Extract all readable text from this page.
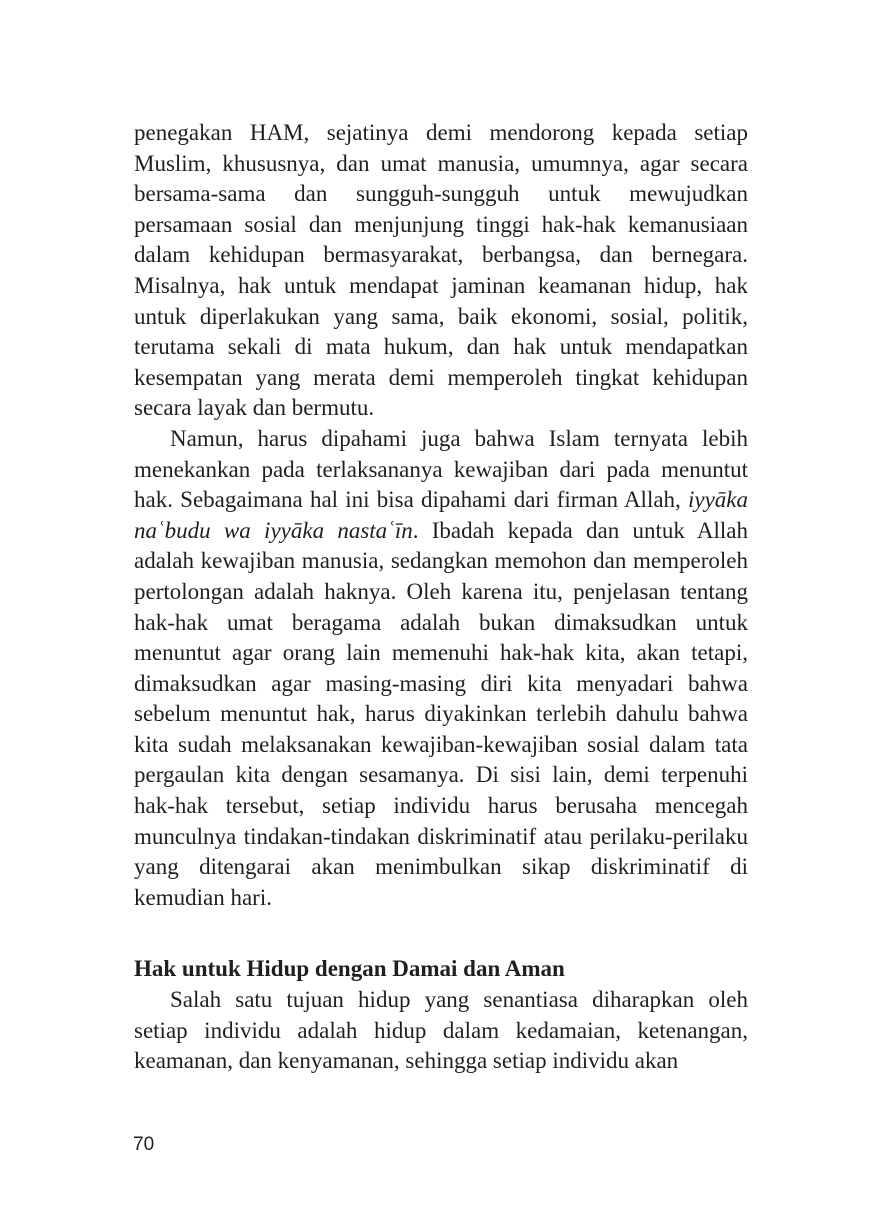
penegakan HAM, sejatinya demi mendorong kepada setiap Muslim, khususnya, dan umat manusia, umumnya, agar secara bersama-sama dan sungguh-sungguh untuk mewujudkan persamaan sosial dan menjunjung tinggi hak-hak kemanusiaan dalam kehidupan bermasyarakat, berbangsa, dan bernegara. Misalnya, hak untuk mendapat jaminan keamanan hidup, hak untuk diperlakukan yang sama, baik ekonomi, sosial, politik, terutama sekali di mata hukum, dan hak untuk mendapatkan kesempatan yang merata demi memperoleh tingkat kehidupan secara layak dan bermutu.

Namun, harus dipahami juga bahwa Islam ternyata lebih menekankan pada terlaksananya kewajiban dari pada menuntut hak. Sebagaimana hal ini bisa dipahami dari firman Allah, iyyāka naʿbudu wa iyyāka nastaʿīn. Ibadah kepada dan untuk Allah adalah kewajiban manusia, sedangkan memohon dan memperoleh pertolongan adalah haknya. Oleh karena itu, penjelasan tentang hak-hak umat beragama adalah bukan dimaksudkan untuk menuntut agar orang lain memenuhi hak-hak kita, akan tetapi, dimaksudkan agar masing-masing diri kita menyadari bahwa sebelum menuntut hak, harus diyakinkan terlebih dahulu bahwa kita sudah melaksanakan kewajiban-kewajiban sosial dalam tata pergaulan kita dengan sesamanya. Di sisi lain, demi terpenuhi hak-hak tersebut, setiap individu harus berusaha mencegah munculnya tindakan-tindakan diskriminatif atau perilaku-perilaku yang ditengarai akan menimbulkan sikap diskriminatif di kemudian hari.

Hak untuk Hidup dengan Damai dan Aman

Salah satu tujuan hidup yang senantiasa diharapkan oleh setiap individu adalah hidup dalam kedamaian, ketenangan, keamanan, dan kenyamanan, sehingga setiap individu akan

70
